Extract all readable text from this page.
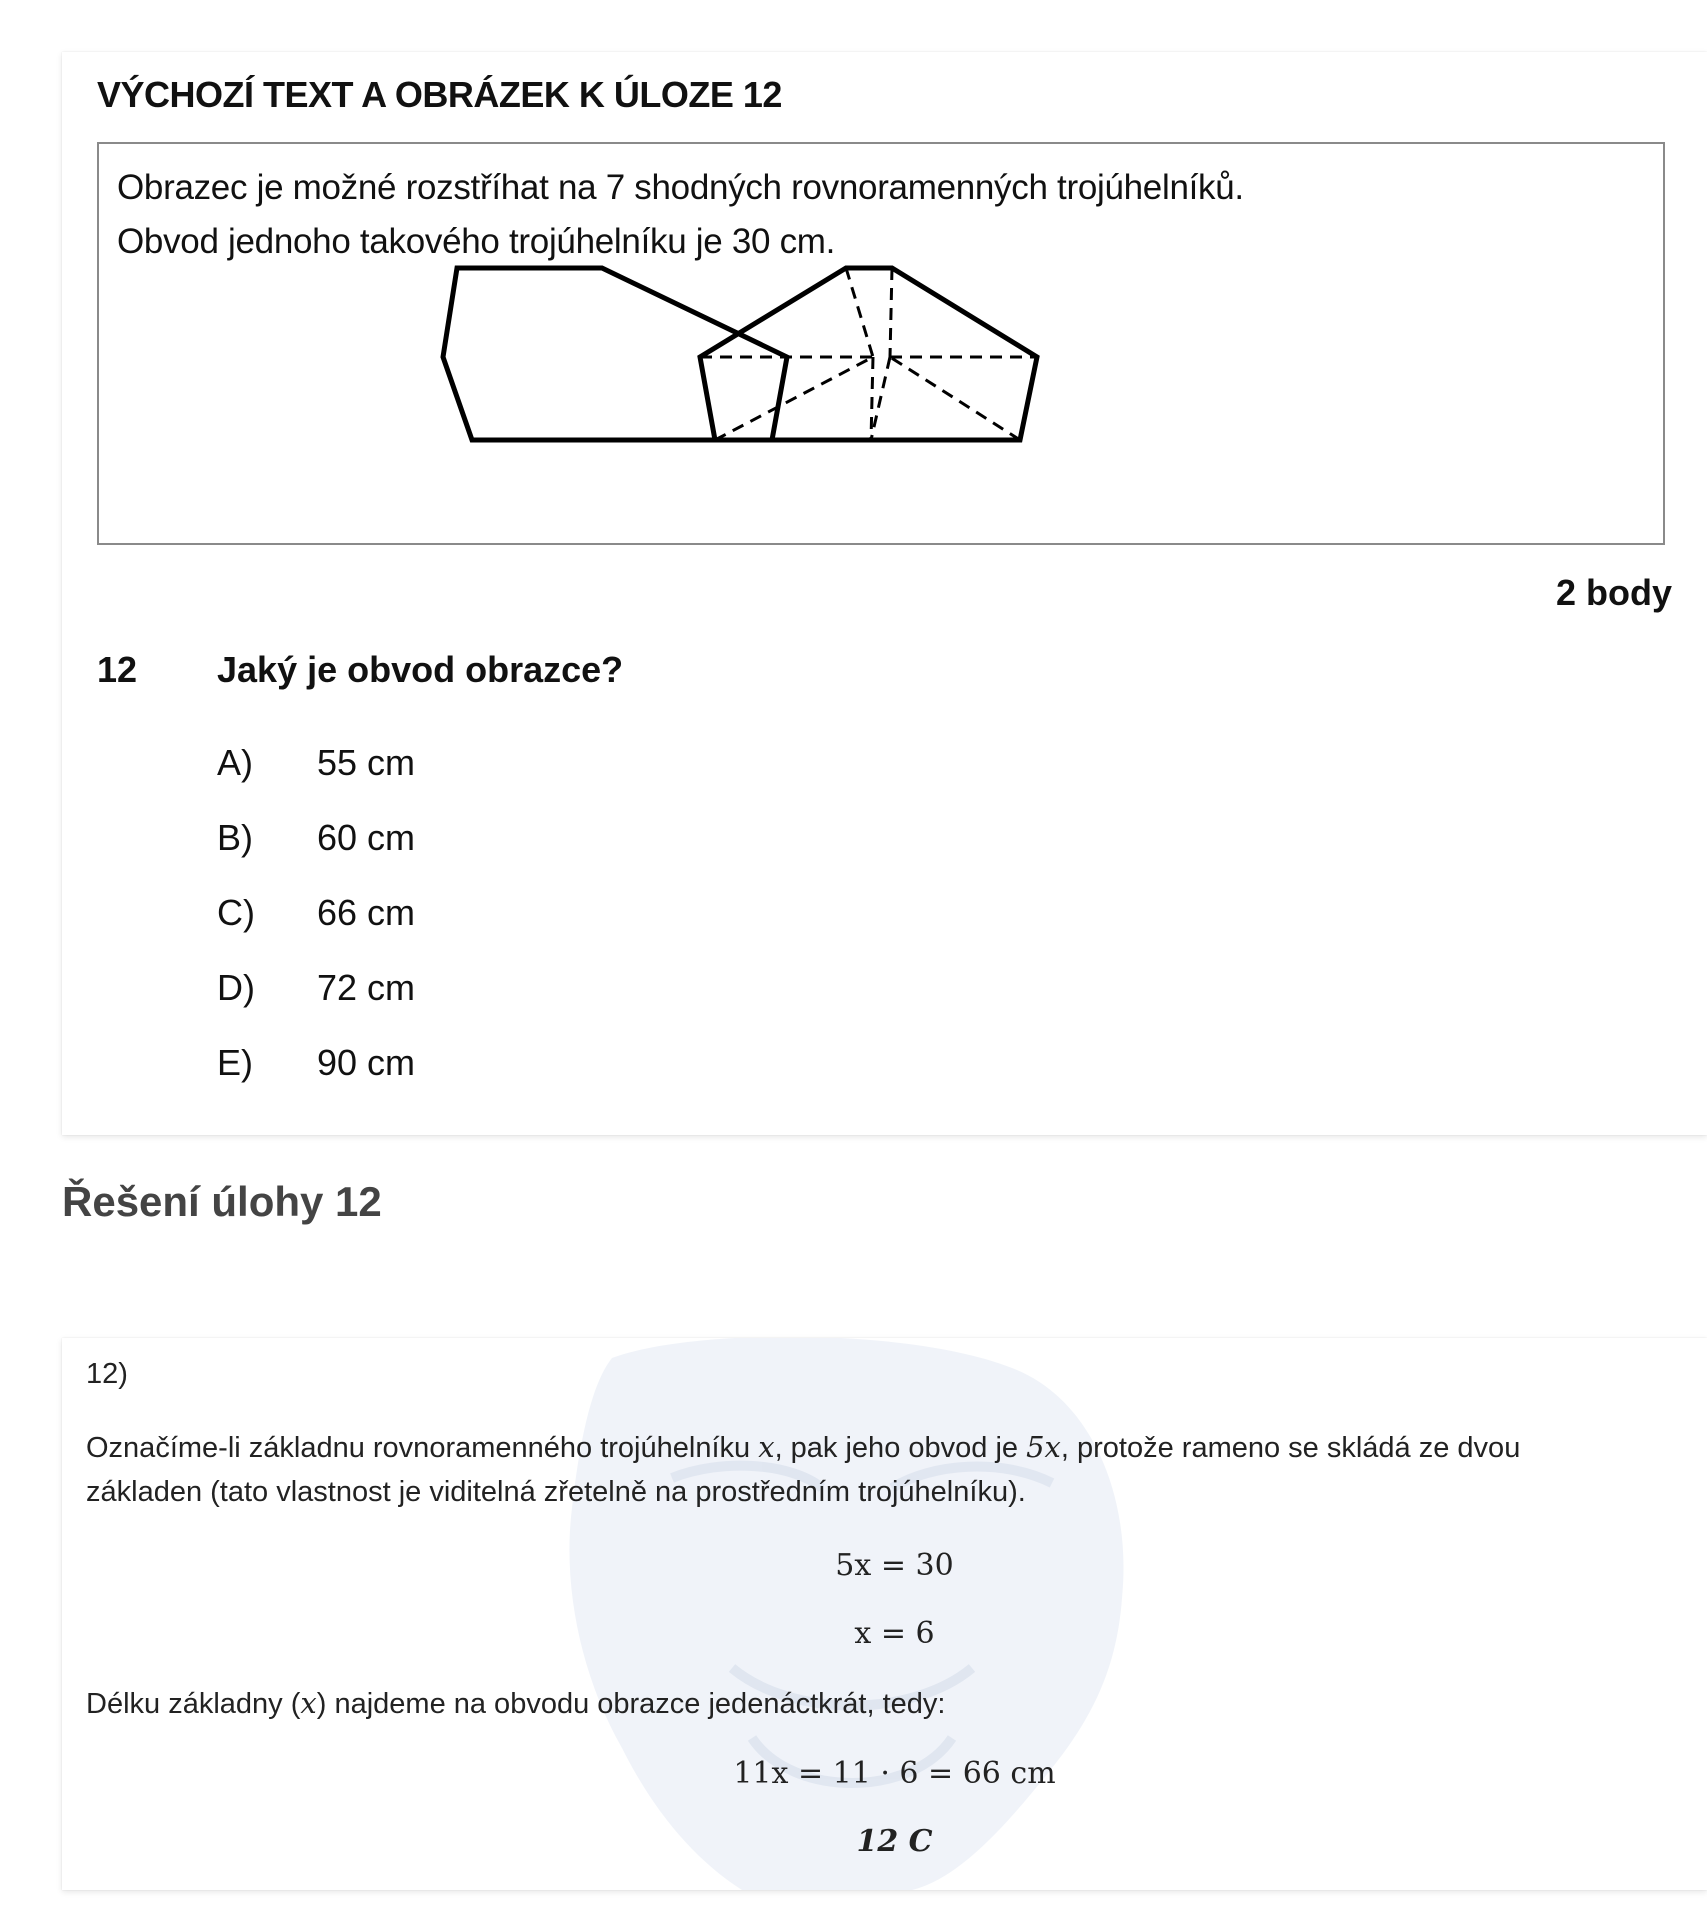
VÝCHOZÍ TEXT A OBRÁZEK K ÚLOZE 12
Obrazec je možné rozstříhat na 7 shodných rovnoramenných trojúhelníků.
Obvod jednoho takového trojúhelníku je 30 cm.
2 body
12 Jaký je obvod obrazce?
A) 55 cm
B) 60 cm
C) 66 cm
D) 72 cm
E) 90 cm
Řešení úlohy 12
12)
Označíme-li základnu rovnoramenného trojúhelníku x, pak jeho obvod je 5x, protože rameno se skládá ze dvou
základen (tato vlastnost je viditelná zřetelně na prostředním trojúhelníku).
5x = 30
x = 6
Délku základny (x) najdeme na obvodu obrazce jedenáctkrát, tedy:
11x = 11 · 6 = 66 cm
12 C
